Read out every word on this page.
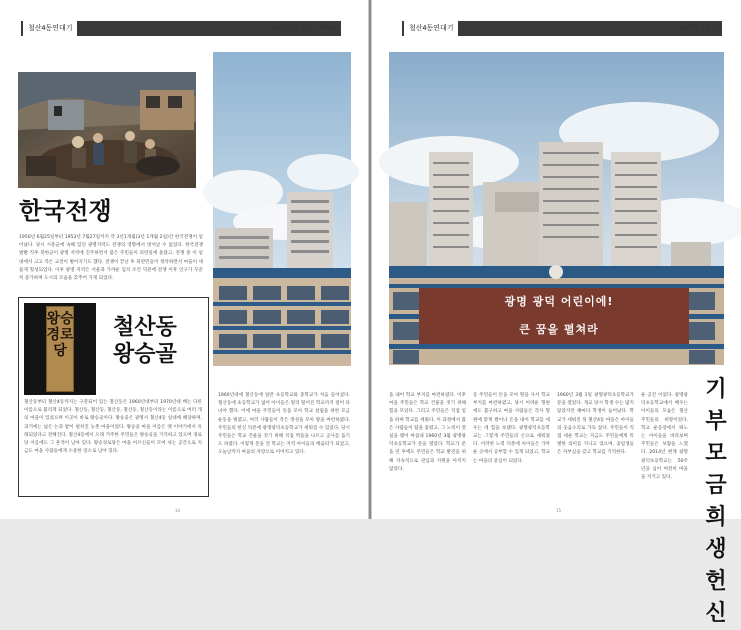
철산4동연대기	1950년 6월 25일 / 1960년
한국전쟁
1950년 6월25일부터 1953년 7월27일까지 약 3년1개월(3년 1개월 2일)간 한국전쟁이 일어났다. 당시 시흥군에 속해 있던 광명지역도 전쟁의 영향에서 벗어날 수 없었다. 한국전쟁 발발 직후 북한군이 광명 지역에 진주하면서 많은 주민들이 피란길에 올랐고, 전쟁 중 이 일대에서 크고 작은 교전이 벌어지기도 했다. 전쟁이 끝난 후 피란민들이 정착하면서 마을이 새롭게 형성되었다. 이후 광명 지역은 서울과 가까운 입지 조건 덕분에 전쟁 이후 인구가 꾸준히 증가하며 도시의 모습을 갖추어 가게 되었다.
왕승경로당
철산동
왕승골
철산동부터 철산4동까지는 구분되어 있는 철산동은 1960년대부터 1970년대 배는 다른 이름으로 불리게 되었다. 철산동, 철산동, 철산동, 철산동, 철산동이라는 이름으로 여러 개의 마을이 있었으며 이곳이 바로 왕승골이다. 왕승골은 광명시 철산4동 일대에 해당하며, 과거에는 넓은 논과 밭이 펼쳐진 농촌 마을이었다. 왕승골 마을 이름은 옛 이야기에서 유래되었다고 전해진다. 철산4동에서 오래 거주한 주민들은 왕승골을 기억하고 있으며 경로당 이름에도 그 흔적이 남아 있다. 왕승경로당은 마을 어르신들이 모여 쉬는 공간으로 지금도 마을 사람들에게 소중한 장소로 남아 있다.
1960년대에 철산동에 일반 초등학교와 중학교가 처음 들어섰다. 철산동에 초등학교가 없어 아이들은 멀리 떨어진 학교까지 걸어 다녀야 했다. 이에 마을 주민들이 뜻을 모아 학교 설립을 위한 모금 운동을 벌였고, 여러 사람들이 작은 정성을 모아 땅을 마련하였다. 주민들의 헌신 덕분에 광명광덕초등학교가 세워질 수 있었다. 당시 주민들은 학교 건물을 짓기 위해 직접 벽돌을 나르고 공사를 돕기도 하였다. 이렇게 문을 연 학교는 지역 아이들의 배움터가 되었고, 오늘날까지 마을의 자랑으로 이어지고 있다.
14
철산4동연대기	1960년 3월 1일
광명 광덕 어린이에!
큰 꿈을 펼쳐라
을 내어 학교 부지를 마련하였다. 이후 마을 주민들은 학교 건물을 짓기 위해 힘을 모았다. 그리고 주민들은 직접 일을 하며 학교를 세웠다. 이 과정에서 많은 사람들이 땀을 흘렸고, 그 노력이 결실을 맺어 마침내 1960년 3월 광명광덕초등학교가 문을 열었다. 학교가 문을 연 후에도 주민들은 학교 발전을 위해 지속적으로 관심과 지원을 아끼지 않았다.
동 주민들이 돈을 모아 땅을 사서 학교 부지를 마련하였고, 당시 어려운 형편에도 불구하고 마을 사람들은 각자 형편에 맞게 쌀이나 돈을 내어 학교를 세우는 데 힘을 보탰다. 광명광덕초등학교는 그렇게 주민들의 손으로 세워졌다. 이러한 노력 덕분에 아이들은 가까운 곳에서 공부할 수 있게 되었고, 학교는 마을의 중심이 되었다.
1960년 3월 1일 광명광덕초등학교가 문을 열었다. 개교 당시 학생 수는 많지 않았지만 해마다 학생이 늘어났다. 학교가 세워진 뒤 철산4동 마을은 아이들의 웃음소리로 가득 찼다. 주민들이 직접 세운 학교는 지금도 주민들에게 특별한 의미를 지니고 있으며, 졸업생들은 자부심을 갖고 학교를 기억한다.
운 공간 이었다. 광명광덕초등학교에서 배우는 아이들의 모습은 철산 주민들의 희망이었다. 학교 운동장에서 뛰노는 아이들을 바라보며 주민들은 보람을 느꼈다. 2014년 현재 광명광덕초등학교는 50주년을 넘어 여전히 마을을 지키고 있다.
기부
모금
희생
헌신
15
